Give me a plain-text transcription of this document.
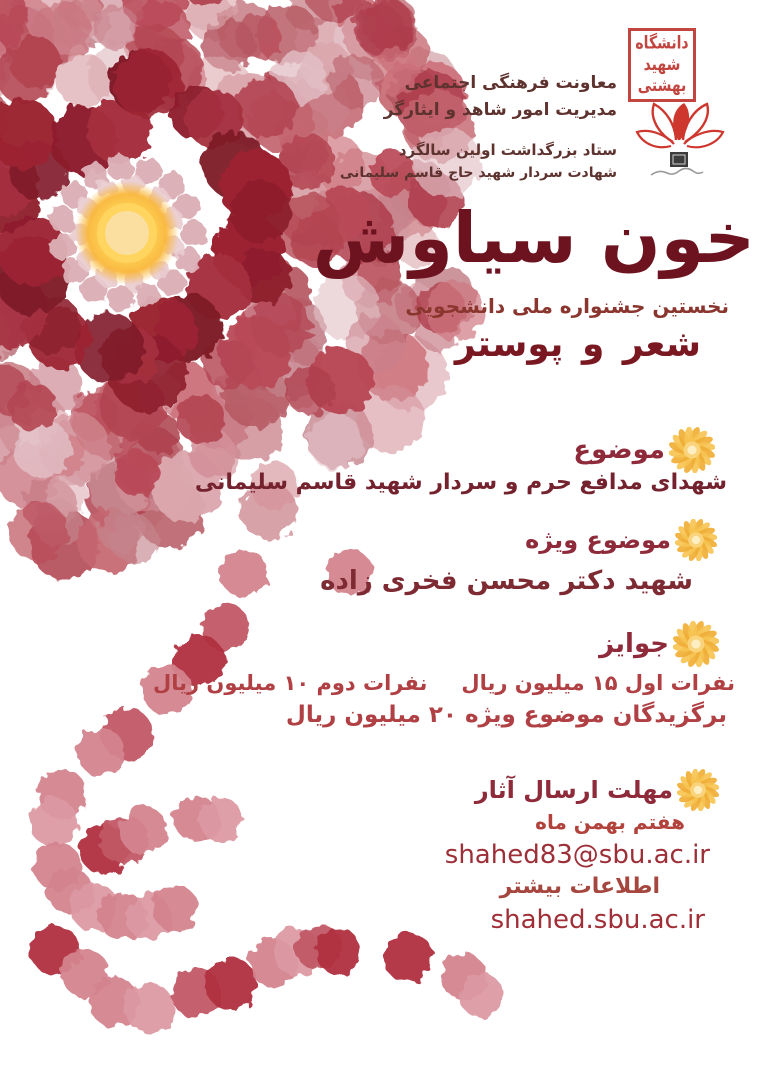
دانشگاه شهید بهشتی
معاونت فرهنگی اجتماعی
مدیریت امور شاهد و ایثارگر
ستاد بزرگداشت اولین سالگرد
شهادت سردار شهید حاج قاسم سلیمانی
خون سیاوش
نخستین جشنواره ملی دانشجویی
شعر و پوستر
موضوع
شهدای مدافع حرم و سردار شهید قاسم سلیمانی
موضوع ویژه
شهید دکتر محسن فخری زاده
جوایز
نفرات اول ۱۵ میلیون ریال
نفرات دوم ۱۰ میلیون ریال
برگزیدگان موضوع ویژه ۲۰ میلیون ریال
مهلت ارسال آثار
هفتم بهمن ماه
shahed83@sbu.ac.ir
اطلاعات بیشتر
shahed.sbu.ac.ir
